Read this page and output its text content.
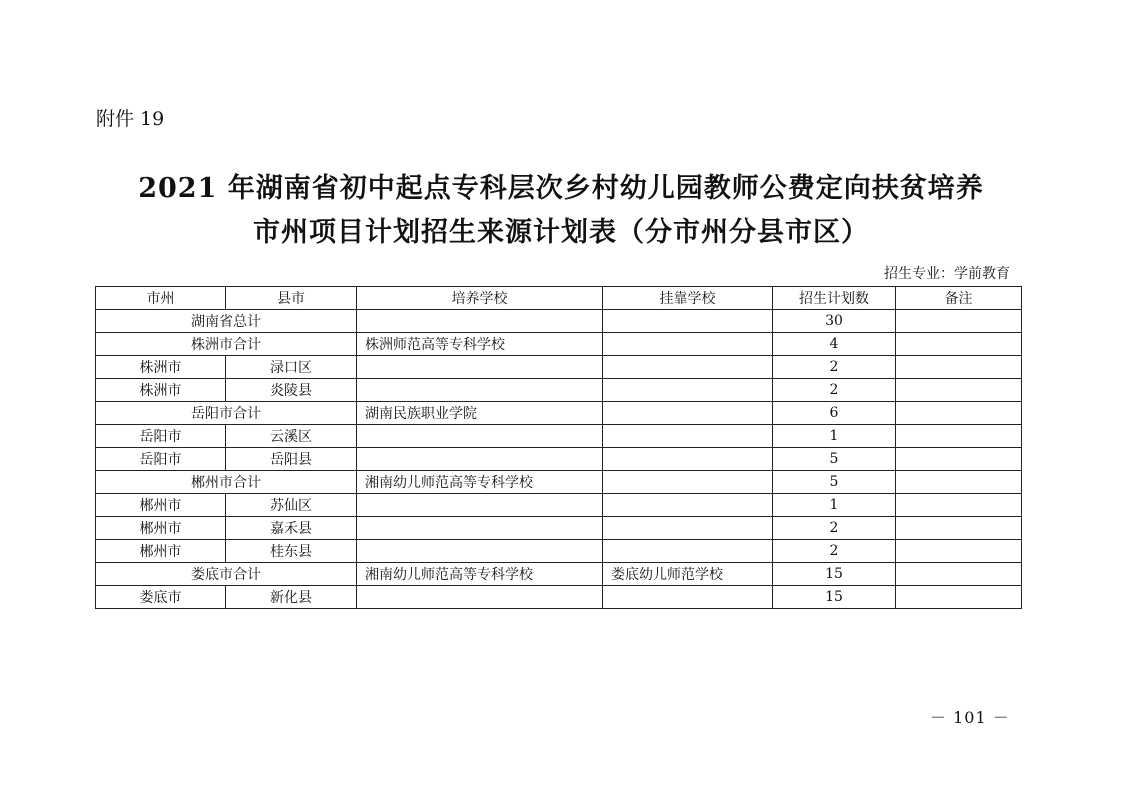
附件 19
2021 年湖南省初中起点专科层次乡村幼儿园教师公费定向扶贫培养
市州项目计划招生来源计划表（分市州分县市区）
招生专业：学前教育
市州	县市	培养学校	挂靠学校	招生计划数	备注
湖南省总计				30	
株洲市合计		株洲师范高等专科学校		4	
株洲市	渌口区			2	
株洲市	炎陵县			2	
岳阳市合计		湖南民族职业学院		6	
岳阳市	云溪区			1	
岳阳市	岳阳县			5	
郴州市合计		湘南幼儿师范高等专科学校		5	
郴州市	苏仙区			1	
郴州市	嘉禾县			2	
郴州市	桂东县			2	
娄底市合计		湘南幼儿师范高等专科学校	娄底幼儿师范学校	15	
娄底市	新化县			15	
－ 101 －
